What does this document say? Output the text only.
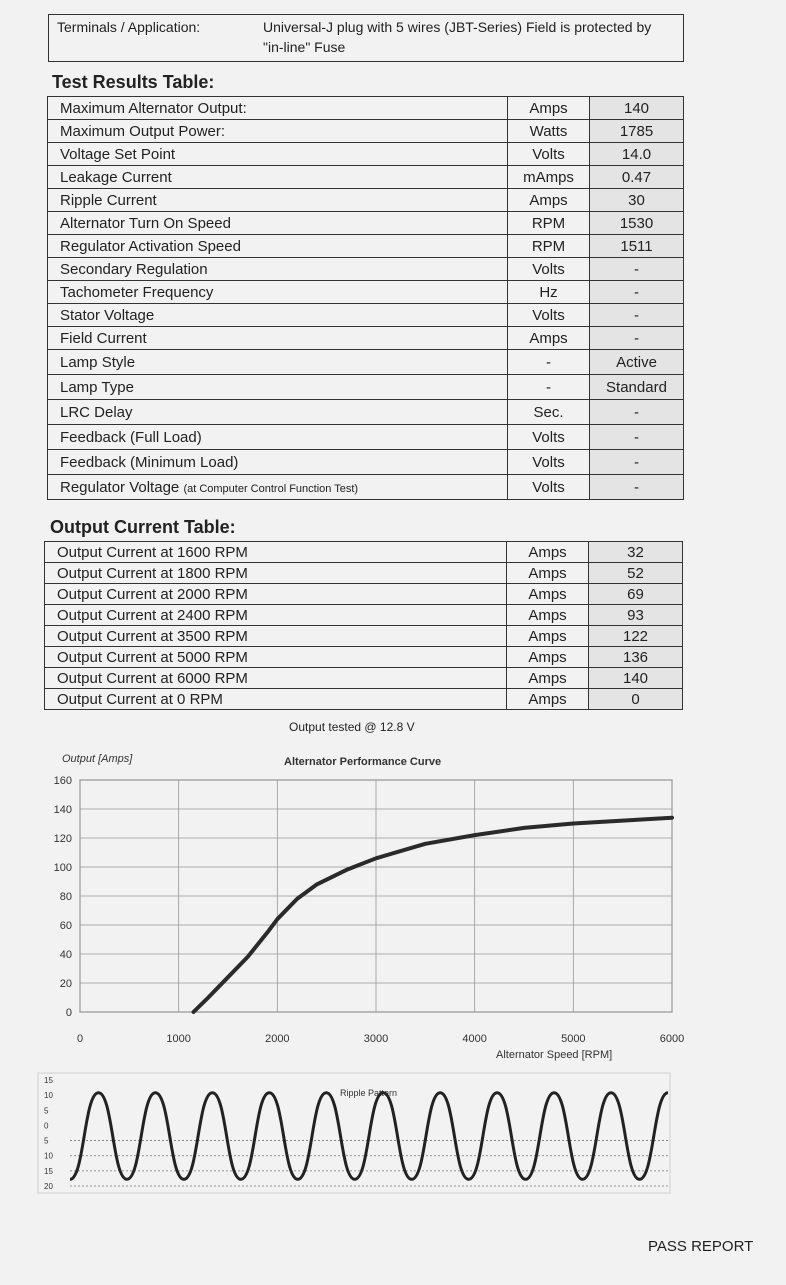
Terminals / Application:	Universal-J plug with 5 wires (JBT-Series) Field is protected by "in-line" Fuse
Test Results Table:
Maximum Alternator Output:	Amps	140
Maximum Output Power:	Watts	1785
Voltage Set Point	Volts	14.0
Leakage Current	mAmps	0.47
Ripple Current	Amps	30
Alternator Turn On Speed	RPM	1530
Regulator Activation Speed	RPM	1511
Secondary Regulation	Volts	-
Tachometer Frequency	Hz	-
Stator Voltage	Volts	-
Field Current	Amps	-
Lamp Style	-	Active
Lamp Type	-	Standard
LRC Delay	Sec.	-
Feedback (Full Load)	Volts	-
Feedback (Minimum Load)	Volts	-
Regulator Voltage (at Computer Control Function Test)	Volts	-
Output Current Table:
Output Current at 1600 RPM	Amps	32
Output Current at 1800 RPM	Amps	52
Output Current at 2000 RPM	Amps	69
Output Current at 2400 RPM	Amps	93
Output Current at 3500 RPM	Amps	122
Output Current at 5000 RPM	Amps	136
Output Current at 6000 RPM	Amps	140
Output Current at 0 RPM	Amps	0
Output tested @ 12.8 V
Output [Amps]	Alternator Performance Curve
0
20
40
60
80
100
120
140
160
0	1000	2000	3000	4000	5000	6000
Alternator Speed [RPM]
Ripple Pattern
15
10
5
0
5
10
15
20
PASS REPORT
